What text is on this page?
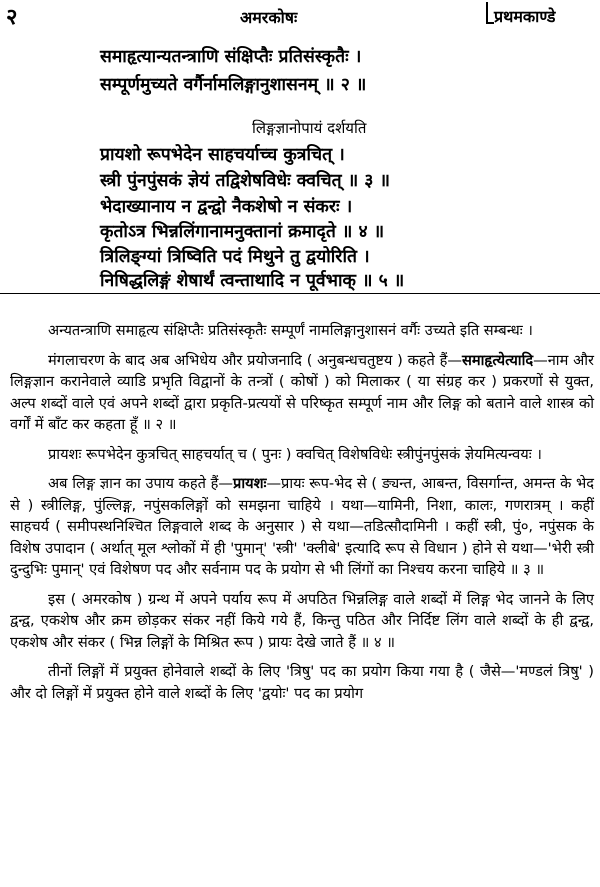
२	अमरकोषः	प्रथमकाण्डे
समाहृत्यान्यतन्त्राणि संक्षिप्तैः प्रतिसंस्कृतैः ।
सम्पूर्णमुच्यते वर्गैर्नामलिङ्गानुशासनम् ॥ २ ॥
लिङ्गज्ञानोपायं दर्शयति
प्रायशो रूपभेदेन साहचर्याच्च कुत्रचित् ।
स्त्री पुंनपुंसकं ज्ञेयं तद्विशेषविधेः क्वचित् ॥ ३ ॥
भेदाख्यानाय न द्वन्द्वो नैकशेषो न संकरः ।
कृतोऽत्र भिन्नलिंगानामनुक्तानां क्रमादृते ॥ ४ ॥
त्रिलिङ्ग्यां त्रिष्विति पदं मिथुने तु द्वयोरिति ।
निषिद्धलिङ्गं शेषार्थं त्वन्ताथादि न पूर्वभाक् ॥ ५ ॥

अन्यतन्त्राणि समाहृत्य संक्षिप्तैः प्रतिसंस्कृतैः सम्पूर्णं नामलिङ्गानुशासनं वर्गैः उच्यते इति सम्बन्धः ।

मंगलाचरण के बाद अब अभिधेय और प्रयोजनादि ( अनुबन्धचतुष्टय ) कहते हैं—समाहृत्येत्यादि—नाम और लिङ्गज्ञान करानेवाले व्याडि प्रभृति विद्वानों के तन्त्रों ( कोषों ) को मिलाकर ( या संग्रह कर ) प्रकरणों से युक्त, अल्प शब्दों वाले एवं अपने शब्दों द्वारा प्रकृति-प्रत्ययों से परिष्कृत सम्पूर्ण नाम और लिङ्ग को बताने वाले शास्त्र को वर्गों में बाँट कर कहता हूँ ॥ २ ॥

प्रायशः रूपभेदेन कुत्रचित् साहचर्यात् च ( पुनः ) क्वचित् विशेषविधेः स्त्रीपुंनपुंसकं ज्ञेयमित्यन्वयः ।

अब लिङ्ग ज्ञान का उपाय कहते हैं—प्रायशः—प्रायः रूप-भेद से ( ङ्यन्त, आबन्त, विसर्गान्त, अमन्त के भेद से ) स्त्रीलिङ्ग, पुंल्लिङ्ग, नपुंसकलिङ्गों को समझना चाहिये । यथा—यामिनी, निशा, कालः, गणरात्रम् । कहीं साहचर्य ( समीपस्थनिश्चित लिङ्गवाले शब्द के अनुसार ) से यथा—तडित्सौदामिनी । कहीं स्त्री, पुं०, नपुंसक के विशेष उपादान ( अर्थात् मूल श्लोकों में ही 'पुमान्' 'स्त्री' 'क्लीबे' इत्यादि रूप से विधान ) होने से यथा—'भेरी स्त्री दुन्दुभिः पुमान्' एवं विशेषण पद और सर्वनाम पद के प्रयोग से भी लिंगों का निश्चय करना चाहिये ॥ ३ ॥

इस ( अमरकोष ) ग्रन्थ में अपने पर्याय रूप में अपठित भिन्नलिङ्ग वाले शब्दों में लिङ्ग भेद जानने के लिए द्वन्द्व, एकशेष और क्रम छोड़कर संकर नहीं किये गये हैं, किन्तु पठित और निर्दिष्ट लिंग वाले शब्दों के ही द्वन्द्व, एकशेष और संकर ( भिन्न लिङ्गों के मिश्रित रूप ) प्रायः देखे जाते हैं ॥ ४ ॥

तीनों लिङ्गों में प्रयुक्त होनेवाले शब्दों के लिए 'त्रिषु' पद का प्रयोग किया गया है ( जैसे—'मण्डलं त्रिषु' ) और दो लिङ्गों में प्रयुक्त होने वाले शब्दों के लिए 'द्वयोः' पद का प्रयोग
